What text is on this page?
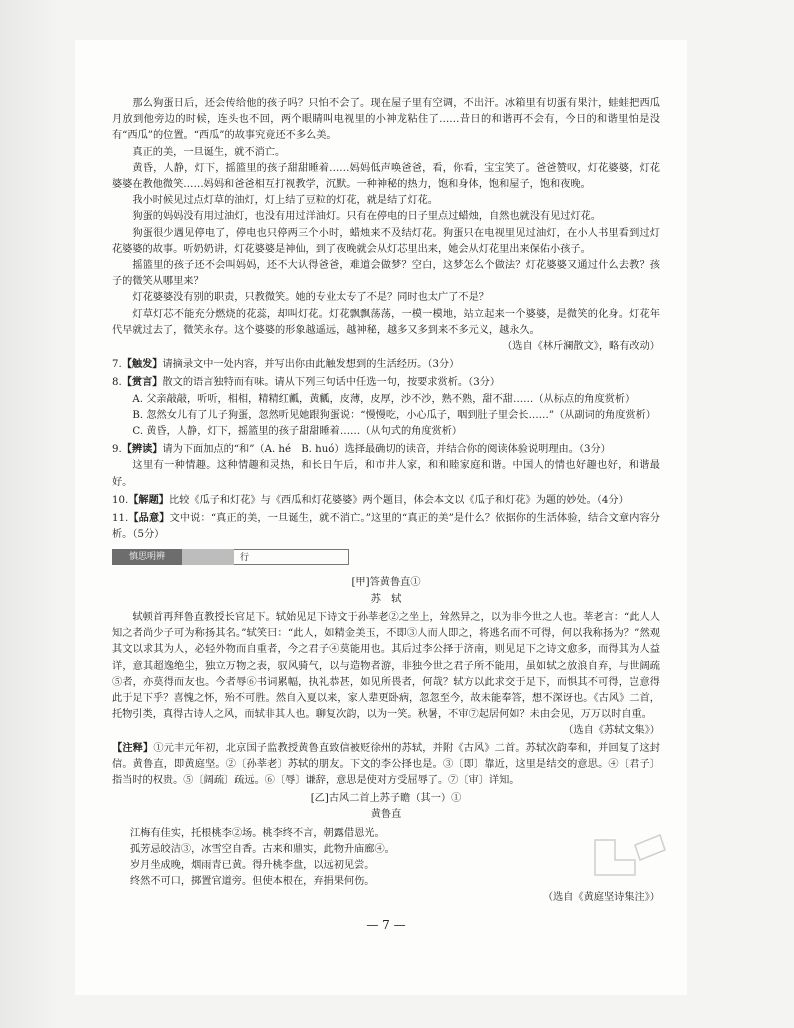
那么狗蛋日后，还会传给他的孩子吗？只怕不会了。现在屋子里有空调，不出汗。冰箱里有切蛋有果汁，蛙蛙把西瓜月放到他旁边的时候，连头也不回，两个眼睛叫电视里的小神龙粘住了……昔日的和谐再不会有，今日的和谐里怕是没有“西瓜”的位置。“西瓜”的故事究竟还不多么美。

真正的美，一旦诞生，就不消亡。

黄昏，人静，灯下，摇篮里的孩子甜甜睡着……妈妈低声唤爸爸，看，你看，宝宝笑了。爸爸赞叹，灯花婆婆，灯花婆婆在教他微笑……妈妈和爸爸相互打视教学，沉默。一种神秘的热力，饱和身体，饱和屋子，饱和夜晚。

我小时候见过点灯草的油灯，灯上结了豆粒的灯花，就是结了灯花。

狗蛋的妈妈没有用过油灯，也没有用过洋油灯。只有在停电的日子里点过蜡烛，自然也就没有见过灯花。

狗蛋很少遇见停电了，停电也只停两三个小时，蜡烛来不及结灯花。狗蛋只在电视里见过油灯，在小人书里看到过灯花婆婆的故事。听奶奶讲，灯花婆婆是神仙，到了夜晚就会从灯芯里出来，她会从灯花里出来保佑小孩子。

摇篮里的孩子还不会叫妈妈，还不大认得爸爸，难道会做梦？空白，这梦怎么个做法？灯花婆婆又通过什么去教？孩子的微笑从哪里来？

灯花婆婆没有别的职责，只教微笑。她的专业太专了不是？同时也太广了不是？

灯草灯芯不能充分燃烧的花蕊，却叫灯花。灯花飘飘荡荡，一模一模地，站立起来一个婆婆，是微笑的化身。灯花年代早就过去了，微笑永存。这个婆婆的形象越遥远，越神秘，越多又多到来不多元义，越永久。

（选自《林斤澜散文》，略有改动）

7.【触发】请摘录文中一处内容，并写出你由此触发想到的生活经历。（3分）

8.【赏言】散文的语言独特而有味。请从下列三句话中任选一句，按要求赏析。（3分）

A. 父亲敲敲，听听，相相，精精红瓤，黄瓤，皮薄，皮厚，沙不沙，熟不熟，甜不甜……（从标点的角度赏析）

B. 忽然女儿有了儿子狗蛋，忽然听见她跟狗蛋说：“慢慢吃，小心瓜子，咽到肚子里会长……”（从副词的角度赏析）

C. 黄昏，人静，灯下，摇篮里的孩子甜甜睡着……（从句式的角度赏析）

9.【辨读】请为下面加点的“和”（A. hé　B. huó）选择最确切的读音，并结合你的阅读体验说明理由。（3分）

这里有一种情趣。这种情趣和灵热，和长日午后，和市井人家，和和睦家庭和谐。中国人的情也好趣也好，和谐最好。

10.【解题】比较《瓜子和灯花》与《西瓜和灯花婆婆》两个题目，体会本文以《瓜子和灯花》为题的妙处。（4分）

11.【品意】文中说：“真正的美，一旦诞生，就不消亡。”这里的“真正的美”是什么？依据你的生活体验，结合文章内容分析。（5分）

慎思明辨	行

[甲]答黄鲁直①

苏　轼

轼顿首再拜鲁直教授长官足下。轼始见足下诗文于孙莘老②之坐上，耸然异之，以为非今世之人也。莘老言：“此人人知之者尚少子可为称扬其名。”轼笑曰：“此人，如精金美玉，不即③人而人即之，将逃名而不可得，何以我称扬为？”然观其文以求其为人，必轻外物而自重者，今之君子④莫能用也。其后过李公择于济南，则见足下之诗文愈多，而得其为人益详，意其超逸绝尘，独立万物之表，驭风骑气，以与造物者游，非独今世之君子所不能用，虽如轼之放浪自弃，与世阔疏⑤者，亦莫得而友也。今者辱⑥书词累幅，执礼恭甚，如见所畏者，何哉？轼方以此求交于足下，而惧其不可得，岂意得此于足下乎？喜愧之怀，殆不可胜。然自入夏以来，家人辈更卧病，忽忽至今，故未能奉答，想不深讶也。《古风》二首，托物引类，真得古诗人之风，而轼非其人也。聊复次韵，以为一笑。秋暑，不审⑦起居何如？未由会见，万万以时自重。

（选自《苏轼文集》）

【注释】①元丰元年初，北京国子监教授黄鲁直致信被贬徐州的苏轼，并附《古风》二首。苏轼次韵奉和，并回复了这封信。黄鲁直，即黄庭坚。②〔孙莘老〕苏轼的朋友。下文的李公择也是。③〔即〕靠近，这里是结交的意思。④〔君子〕指当时的权贵。⑤〔阔疏〕疏远。⑥〔辱〕谦辞，意思是使对方受屈辱了。⑦〔审〕详知。

[乙]古风二首上苏子瞻（其一）①

黄鲁直

江梅有佳实，托根桃李②场。桃李终不言，朝露借恩光。

孤芳忌皎洁③，冰雪空自香。古来和鼎实，此物升庙廊④。

岁月坐成晚，烟雨青已黄。得升桃李盘，以远初见尝。

终然不可口，掷置官道旁。但使本根在，弃捐果何伤。

（选自《黄庭坚诗集注》）

— 7 —
